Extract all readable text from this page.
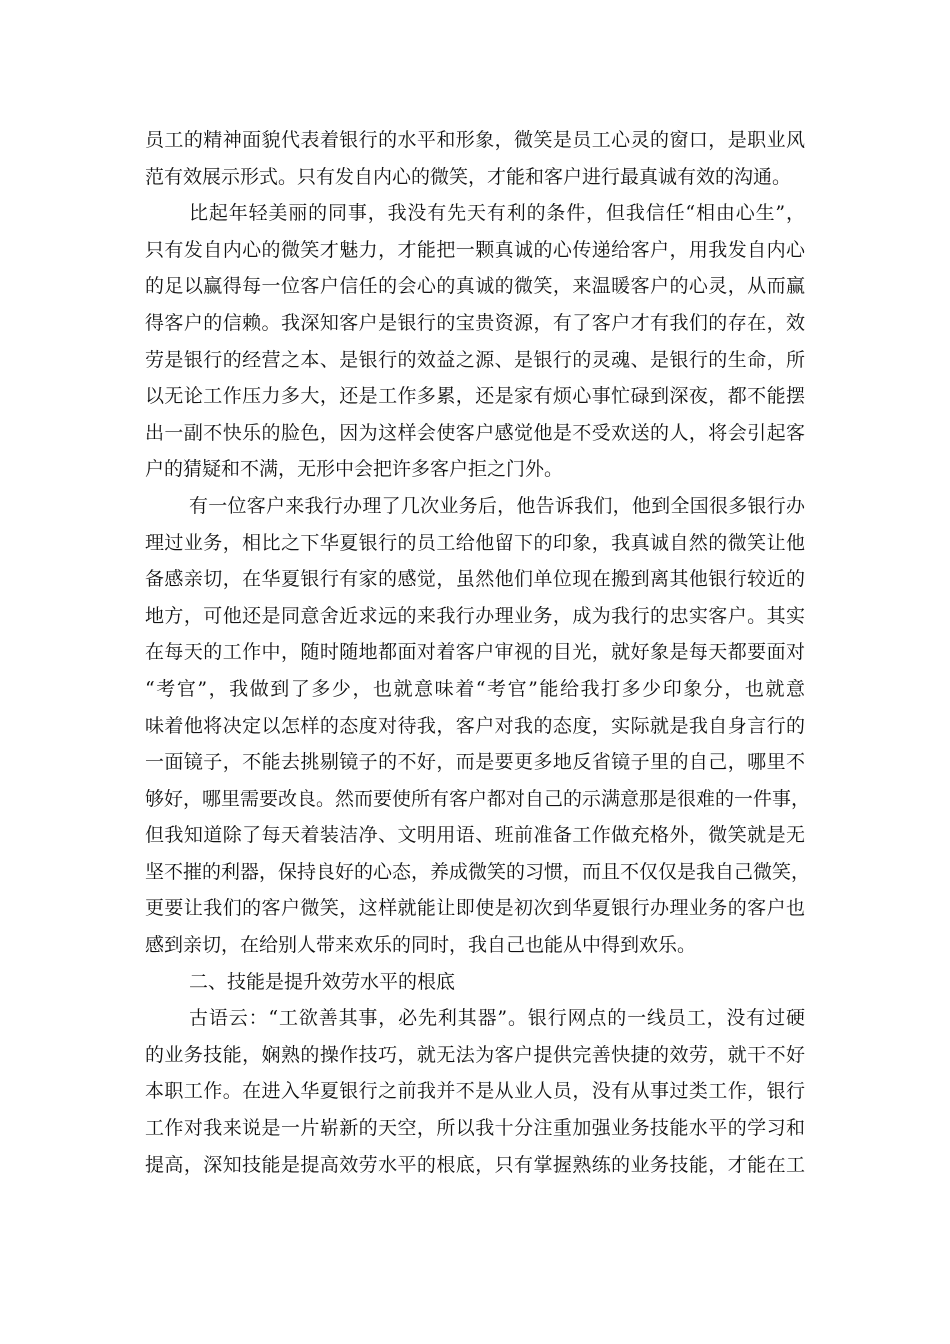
员工的精神面貌代表着银行的水平和形象，微笑是员工心灵的窗口，是职业风
范有效展示形式。只有发自内心的微笑，才能和客户进行最真诚有效的沟通。
比起年轻美丽的同事，我没有先天有利的条件，但我信任“相由心生”，
只有发自内心的微笑才魅力，才能把一颗真诚的心传递给客户，用我发自内心
的足以赢得每一位客户信任的会心的真诚的微笑，来温暖客户的心灵，从而赢
得客户的信赖。我深知客户是银行的宝贵资源，有了客户才有我们的存在，效
劳是银行的经营之本、是银行的效益之源、是银行的灵魂、是银行的生命，所
以无论工作压力多大，还是工作多累，还是家有烦心事忙碌到深夜，都不能摆
出一副不快乐的脸色，因为这样会使客户感觉他是不受欢送的人，将会引起客
户的猜疑和不满，无形中会把许多客户拒之门外。
有一位客户来我行办理了几次业务后，他告诉我们，他到全国很多银行办
理过业务，相比之下华夏银行的员工给他留下的印象，我真诚自然的微笑让他
备感亲切，在华夏银行有家的感觉，虽然他们单位现在搬到离其他银行较近的
地方，可他还是同意舍近求远的来我行办理业务，成为我行的忠实客户。其实
在每天的工作中，随时随地都面对着客户审视的目光，就好象是每天都要面对
“考官”，我做到了多少，也就意味着“考官”能给我打多少印象分，也就意
味着他将决定以怎样的态度对待我，客户对我的态度，实际就是我自身言行的
一面镜子，不能去挑剔镜子的不好，而是要更多地反省镜子里的自己，哪里不
够好，哪里需要改良。然而要使所有客户都对自己的示满意那是很难的一件事，
但我知道除了每天着装洁净、文明用语、班前准备工作做充格外，微笑就是无
坚不摧的利器，保持良好的心态，养成微笑的习惯，而且不仅仅是我自己微笑，
更要让我们的客户微笑，这样就能让即使是初次到华夏银行办理业务的客户也
感到亲切，在给别人带来欢乐的同时，我自己也能从中得到欢乐。
二、技能是提升效劳水平的根底
古语云：“工欲善其事，必先利其器”。银行网点的一线员工，没有过硬
的业务技能，娴熟的操作技巧，就无法为客户提供完善快捷的效劳，就干不好
本职工作。在进入华夏银行之前我并不是从业人员，没有从事过类工作，银行
工作对我来说是一片崭新的天空，所以我十分注重加强业务技能水平的学习和
提高，深知技能是提高效劳水平的根底，只有掌握熟练的业务技能，才能在工
